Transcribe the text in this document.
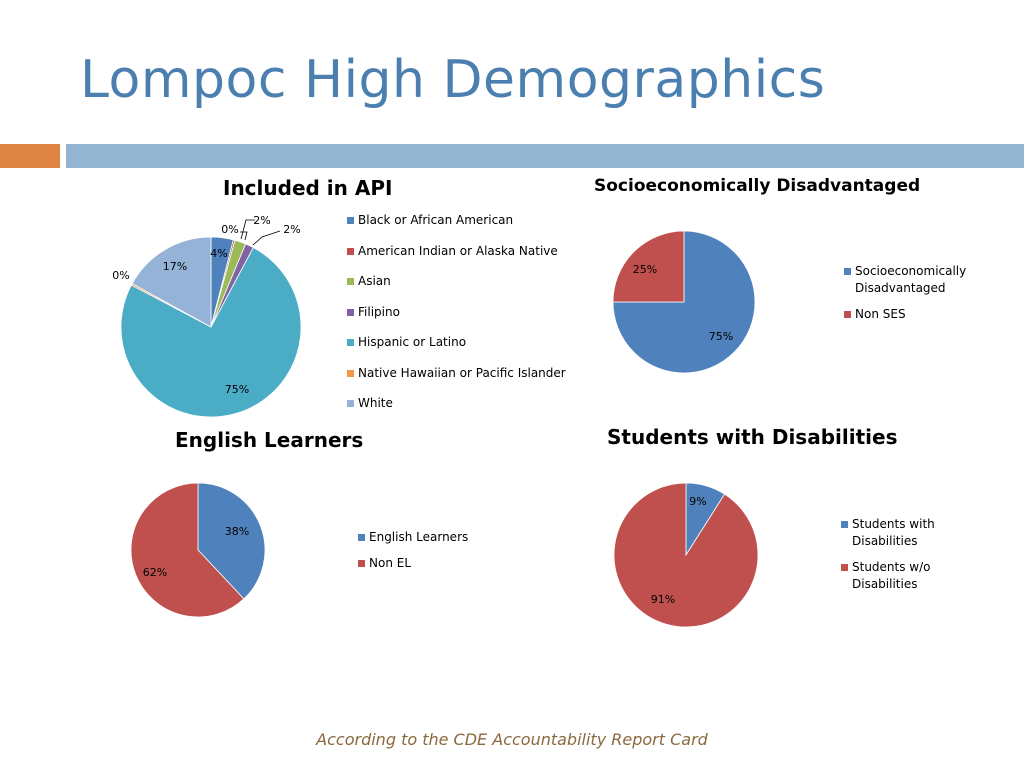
Lompoc High Demographics
Included in API
4%
0%
2%
2%
75%
0%
17%
Black or African American
American Indian or Alaska Native
Asian
Filipino
Hispanic or Latino
Native Hawaiian or Pacific Islander
White
Socioeconomically Disadvantaged
75%
25%	Socioeconomically Disadvantaged
Non SES
English Learners
38%
62%
English Learners
Non EL
Students with Disabilities
9%
91%
Students with Disabilities
Students w/o Disabilities

According to the CDE Accountability Report Card
